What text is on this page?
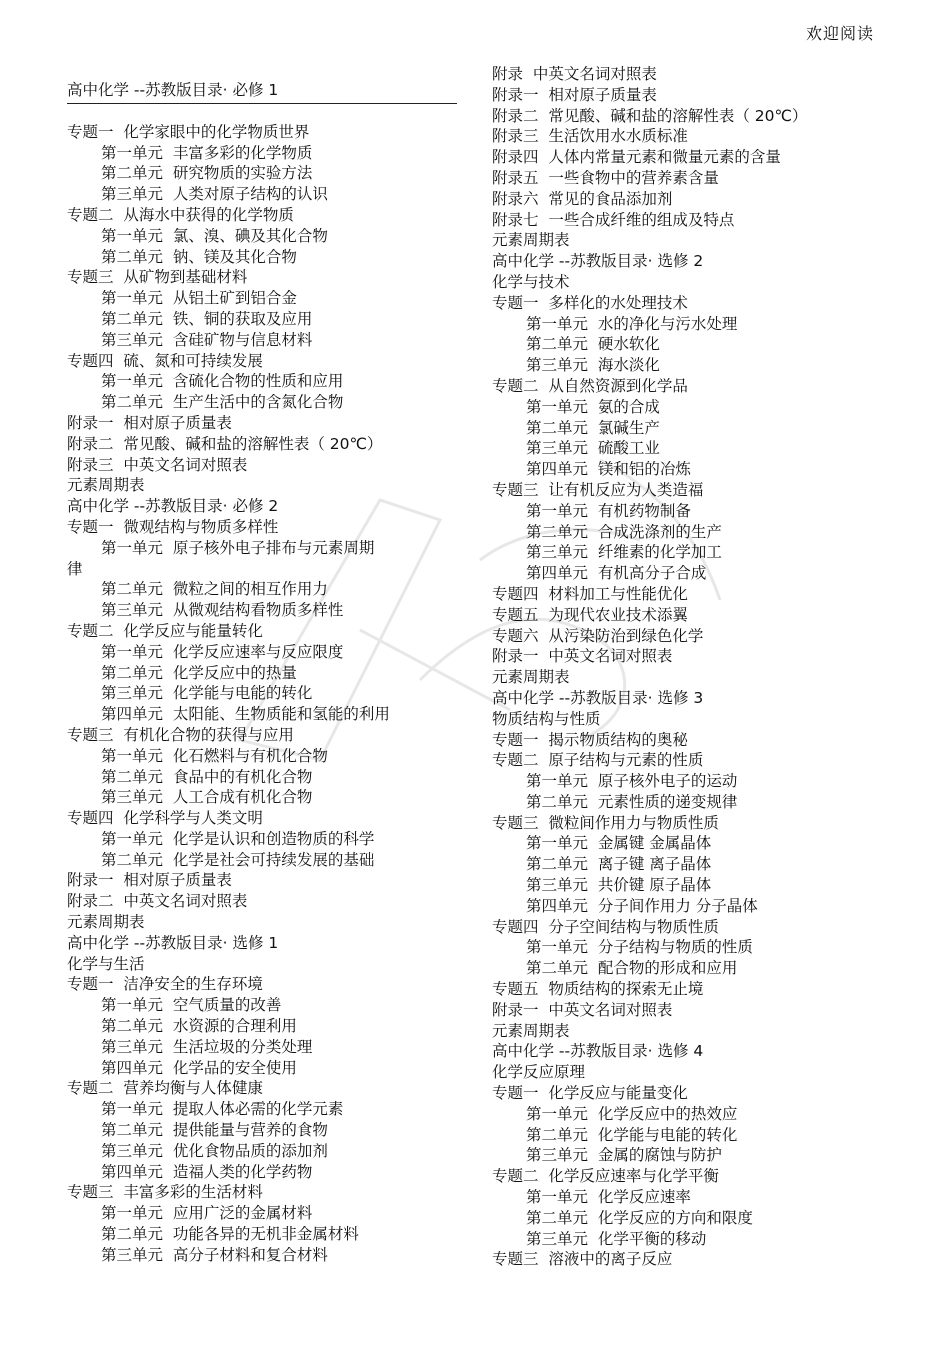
欢迎阅读
高中化学 --苏教版目录· 必修 1
专题一  化学家眼中的化学物质世界
第一单元  丰富多彩的化学物质
第二单元  研究物质的实验方法
第三单元  人类对原子结构的认识
专题二  从海水中获得的化学物质
第一单元  氯、溴、碘及其化合物
第二单元  钠、镁及其化合物
专题三  从矿物到基础材料
第一单元  从铝土矿到铝合金
第二单元  铁、铜的获取及应用
第三单元  含硅矿物与信息材料
专题四  硫、氮和可持续发展
第一单元  含硫化合物的性质和应用
第二单元  生产生活中的含氮化合物
附录一  相对原子质量表
附录二  常见酸、碱和盐的溶解性表（ 20℃）
附录三  中英文名词对照表
元素周期表
高中化学 --苏教版目录· 必修 2
专题一  微观结构与物质多样性
第一单元  原子核外电子排布与元素周期
律
第二单元  微粒之间的相互作用力
第三单元  从微观结构看物质多样性
专题二  化学反应与能量转化
第一单元  化学反应速率与反应限度
第二单元  化学反应中的热量
第三单元  化学能与电能的转化
第四单元  太阳能、生物质能和氢能的利用
专题三  有机化合物的获得与应用
第一单元  化石燃料与有机化合物
第二单元  食品中的有机化合物
第三单元  人工合成有机化合物
专题四  化学科学与人类文明
第一单元  化学是认识和创造物质的科学
第二单元  化学是社会可持续发展的基础
附录一  相对原子质量表
附录二  中英文名词对照表
元素周期表
高中化学 --苏教版目录· 选修 1
化学与生活
专题一  洁净安全的生存环境
第一单元  空气质量的改善
第二单元  水资源的合理利用
第三单元  生活垃圾的分类处理
第四单元  化学品的安全使用
专题二  营养均衡与人体健康
第一单元  提取人体必需的化学元素
第二单元  提供能量与营养的食物
第三单元  优化食物品质的添加剂
第四单元  造福人类的化学药物
专题三  丰富多彩的生活材料
第一单元  应用广泛的金属材料
第二单元  功能各异的无机非金属材料
第三单元  高分子材料和复合材料
附录  中英文名词对照表
附录一  相对原子质量表
附录二  常见酸、碱和盐的溶解性表（ 20℃）
附录三  生活饮用水水质标准
附录四  人体内常量元素和微量元素的含量
附录五  一些食物中的营养素含量
附录六  常见的食品添加剂
附录七  一些合成纤维的组成及特点
元素周期表
高中化学 --苏教版目录· 选修 2
化学与技术
专题一  多样化的水处理技术
第一单元  水的净化与污水处理
第二单元  硬水软化
第三单元  海水淡化
专题二  从自然资源到化学品
第一单元  氨的合成
第二单元  氯碱生产
第三单元  硫酸工业
第四单元  镁和铝的冶炼
专题三  让有机反应为人类造福
第一单元  有机药物制备
第二单元  合成洗涤剂的生产
第三单元  纤维素的化学加工
第四单元  有机高分子合成
专题四  材料加工与性能优化
专题五  为现代农业技术添翼
专题六  从污染防治到绿色化学
附录一  中英文名词对照表
元素周期表
高中化学 --苏教版目录· 选修 3
物质结构与性质
专题一  揭示物质结构的奥秘
专题二  原子结构与元素的性质
第一单元  原子核外电子的运动
第二单元  元素性质的递变规律
专题三  微粒间作用力与物质性质
第一单元  金属键 金属晶体
第二单元  离子键 离子晶体
第三单元  共价键 原子晶体
第四单元  分子间作用力 分子晶体
专题四  分子空间结构与物质性质
第一单元  分子结构与物质的性质
第二单元  配合物的形成和应用
专题五  物质结构的探索无止境
附录一  中英文名词对照表
元素周期表
高中化学 --苏教版目录· 选修 4
化学反应原理
专题一  化学反应与能量变化
第一单元  化学反应中的热效应
第二单元  化学能与电能的转化
第三单元  金属的腐蚀与防护
专题二  化学反应速率与化学平衡
第一单元  化学反应速率
第二单元  化学反应的方向和限度
第三单元  化学平衡的移动
专题三  溶液中的离子反应
